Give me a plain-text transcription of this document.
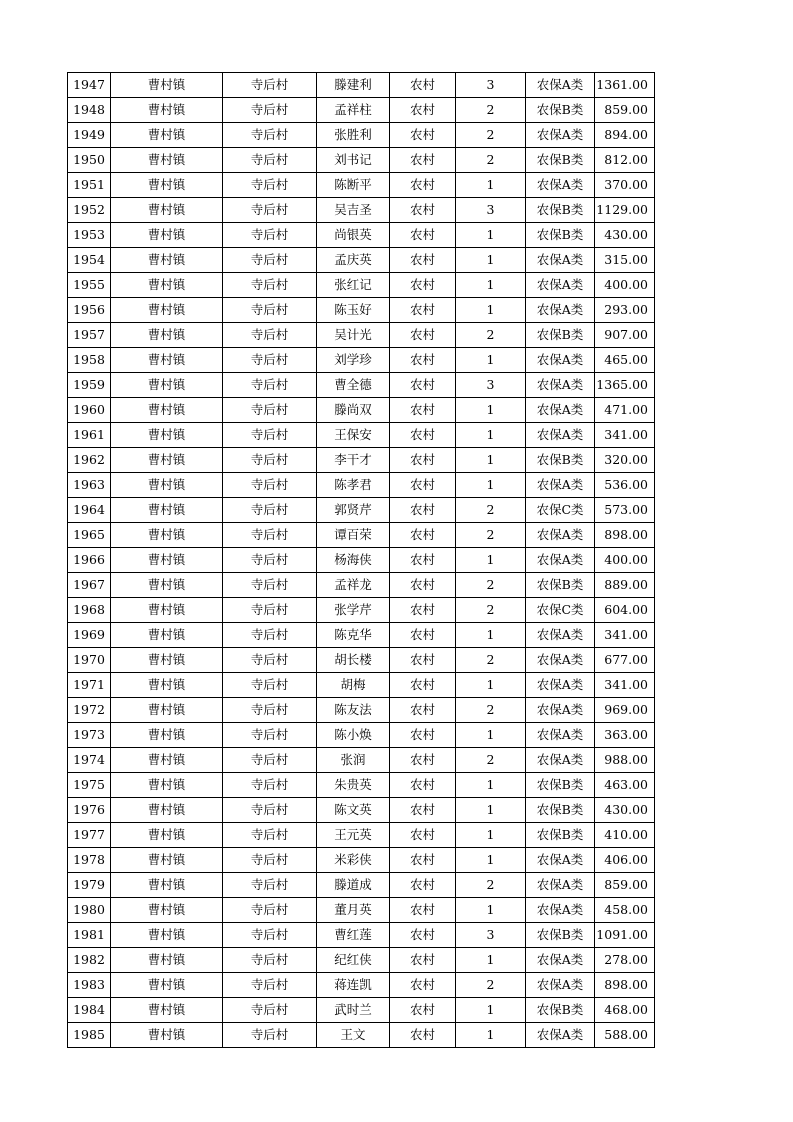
1947	曹村镇	寺后村	滕建利	农村	3	农保A类	1361.00
1948	曹村镇	寺后村	孟祥柱	农村	2	农保B类	859.00
1949	曹村镇	寺后村	张胜利	农村	2	农保A类	894.00
1950	曹村镇	寺后村	刘书记	农村	2	农保B类	812.00
1951	曹村镇	寺后村	陈断平	农村	1	农保A类	370.00
1952	曹村镇	寺后村	吴吉圣	农村	3	农保B类	1129.00
1953	曹村镇	寺后村	尚银英	农村	1	农保B类	430.00
1954	曹村镇	寺后村	孟庆英	农村	1	农保A类	315.00
1955	曹村镇	寺后村	张红记	农村	1	农保A类	400.00
1956	曹村镇	寺后村	陈玉好	农村	1	农保A类	293.00
1957	曹村镇	寺后村	吴计光	农村	2	农保B类	907.00
1958	曹村镇	寺后村	刘学珍	农村	1	农保A类	465.00
1959	曹村镇	寺后村	曹全德	农村	3	农保A类	1365.00
1960	曹村镇	寺后村	滕尚双	农村	1	农保A类	471.00
1961	曹村镇	寺后村	王保安	农村	1	农保A类	341.00
1962	曹村镇	寺后村	李干才	农村	1	农保B类	320.00
1963	曹村镇	寺后村	陈孝君	农村	1	农保A类	536.00
1964	曹村镇	寺后村	郭贤芹	农村	2	农保C类	573.00
1965	曹村镇	寺后村	谭百荣	农村	2	农保A类	898.00
1966	曹村镇	寺后村	杨海侠	农村	1	农保A类	400.00
1967	曹村镇	寺后村	孟祥龙	农村	2	农保B类	889.00
1968	曹村镇	寺后村	张学芹	农村	2	农保C类	604.00
1969	曹村镇	寺后村	陈克华	农村	1	农保A类	341.00
1970	曹村镇	寺后村	胡长楼	农村	2	农保A类	677.00
1971	曹村镇	寺后村	胡梅	农村	1	农保A类	341.00
1972	曹村镇	寺后村	陈友法	农村	2	农保A类	969.00
1973	曹村镇	寺后村	陈小焕	农村	1	农保A类	363.00
1974	曹村镇	寺后村	张润	农村	2	农保A类	988.00
1975	曹村镇	寺后村	朱贵英	农村	1	农保B类	463.00
1976	曹村镇	寺后村	陈文英	农村	1	农保B类	430.00
1977	曹村镇	寺后村	王元英	农村	1	农保B类	410.00
1978	曹村镇	寺后村	米彩侠	农村	1	农保A类	406.00
1979	曹村镇	寺后村	滕道成	农村	2	农保A类	859.00
1980	曹村镇	寺后村	董月英	农村	1	农保A类	458.00
1981	曹村镇	寺后村	曹红莲	农村	3	农保B类	1091.00
1982	曹村镇	寺后村	纪红侠	农村	1	农保A类	278.00
1983	曹村镇	寺后村	蒋连凯	农村	2	农保A类	898.00
1984	曹村镇	寺后村	武时兰	农村	1	农保B类	468.00
1985	曹村镇	寺后村	王文	农村	1	农保A类	588.00
